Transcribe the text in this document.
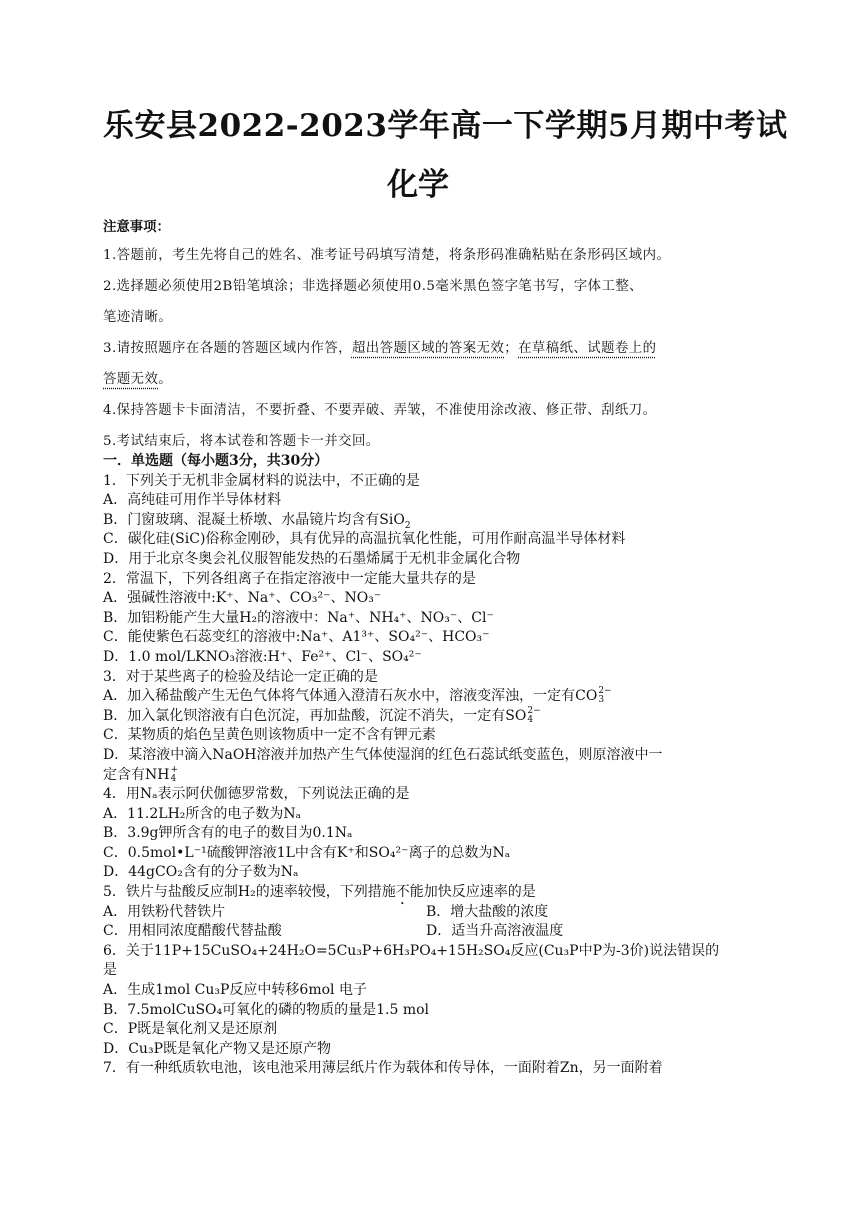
乐安县2022-2023学年高一下学期5月期中考试
化学
注意事项：
1.答题前，考生先将自己的姓名、准考证号码填写清楚，将条形码准确粘贴在条形码区域内。
2.选择题必须使用2B铅笔填涂；非选择题必须使用0.5毫米黑色签字笔书写，字体工整、
笔迹清晰。
3.请按照题序在各题的答题区域内作答，超出答题区域的答案无效；在草稿纸、试题卷上的
答题无效。
4.保持答题卡卡面清洁，不要折叠、不要弄破、弄皱，不准使用涂改液、修正带、刮纸刀。
5.考试结束后，将本试卷和答题卡一并交回。
一．单选题（每小题3分，共30分）
1．下列关于无机非金属材料的说法中，不正确的是
A．高纯硅可用作半导体材料
B．门窗玻璃、混凝土桥墩、水晶镜片均含有SiO$_2$
C．碳化硅(SiC)俗称金刚砂，具有优异的高温抗氧化性能，可用作耐高温半导体材料
D．用于北京冬奥会礼仪服智能发热的石墨烯属于无机非金属化合物
2．常温下，下列各组离子在指定溶液中一定能大量共存的是
A．强碱性溶液中:K⁺、Na⁺、CO₃²⁻、NO₃⁻
B．加铝粉能产生大量H₂的溶液中：Na⁺、NH₄⁺、NO₃⁻、Cl⁻
C．能使紫色石蕊变红的溶液中:Na⁺、A1³⁺、SO₄²⁻、HCO₃⁻
D．1.0 mol/LKNO₃溶液:H⁺、Fe²⁺、Cl⁻、SO₄²⁻
3．对于某些离子的检验及结论一定正确的是
A．加入稀盐酸产生无色气体将气体通入澄清石灰水中，溶液变浑浊，一定有CO 2−
3
B．加入氯化钡溶液有白色沉淀，再加盐酸，沉淀不消失，一定有SO 2−
4
C．某物质的焰色呈黄色则该物质中一定不含有钾元素
D．某溶液中滴入NaOH溶液并加热产生气体使湿润的红色石蕊试纸变蓝色，则原溶液中一
定含有NH +
4
4．用Nₐ表示阿伏伽德罗常数，下列说法正确的是
A．11.2LH₂所含的电子数为Nₐ
B．3.9g钾所含有的电子的数目为0.1Nₐ
C．0.5mol•L⁻¹硫酸钾溶液1L中含有K⁺和SO₄²⁻离子的总数为Nₐ
D．44gCO₂含有的分子数为Nₐ
5．铁片与盐酸反应制H₂的速率较慢，下列措施不能加快反应速率的是
A．用铁粉代替铁片	B．增大盐酸的浓度
C．用相同浓度醋酸代替盐酸	D．适当升高溶液温度
6．关于11P+15CuSO₄+24H₂O=5Cu₃P+6H₃PO₄+15H₂SO₄反应(Cu₃P中P为-3价)说法错误的
是
A．生成1mol Cu₃P反应中转移6mol 电子
B．7.5molCuSO₄可氧化的磷的物质的量是1.5 mol
C．P既是氧化剂又是还原剂
D．Cu₃P既是氧化产物又是还原产物
7．有一种纸质软电池，该电池采用薄层纸片作为载体和传导体，一面附着Zn，另一面附着
